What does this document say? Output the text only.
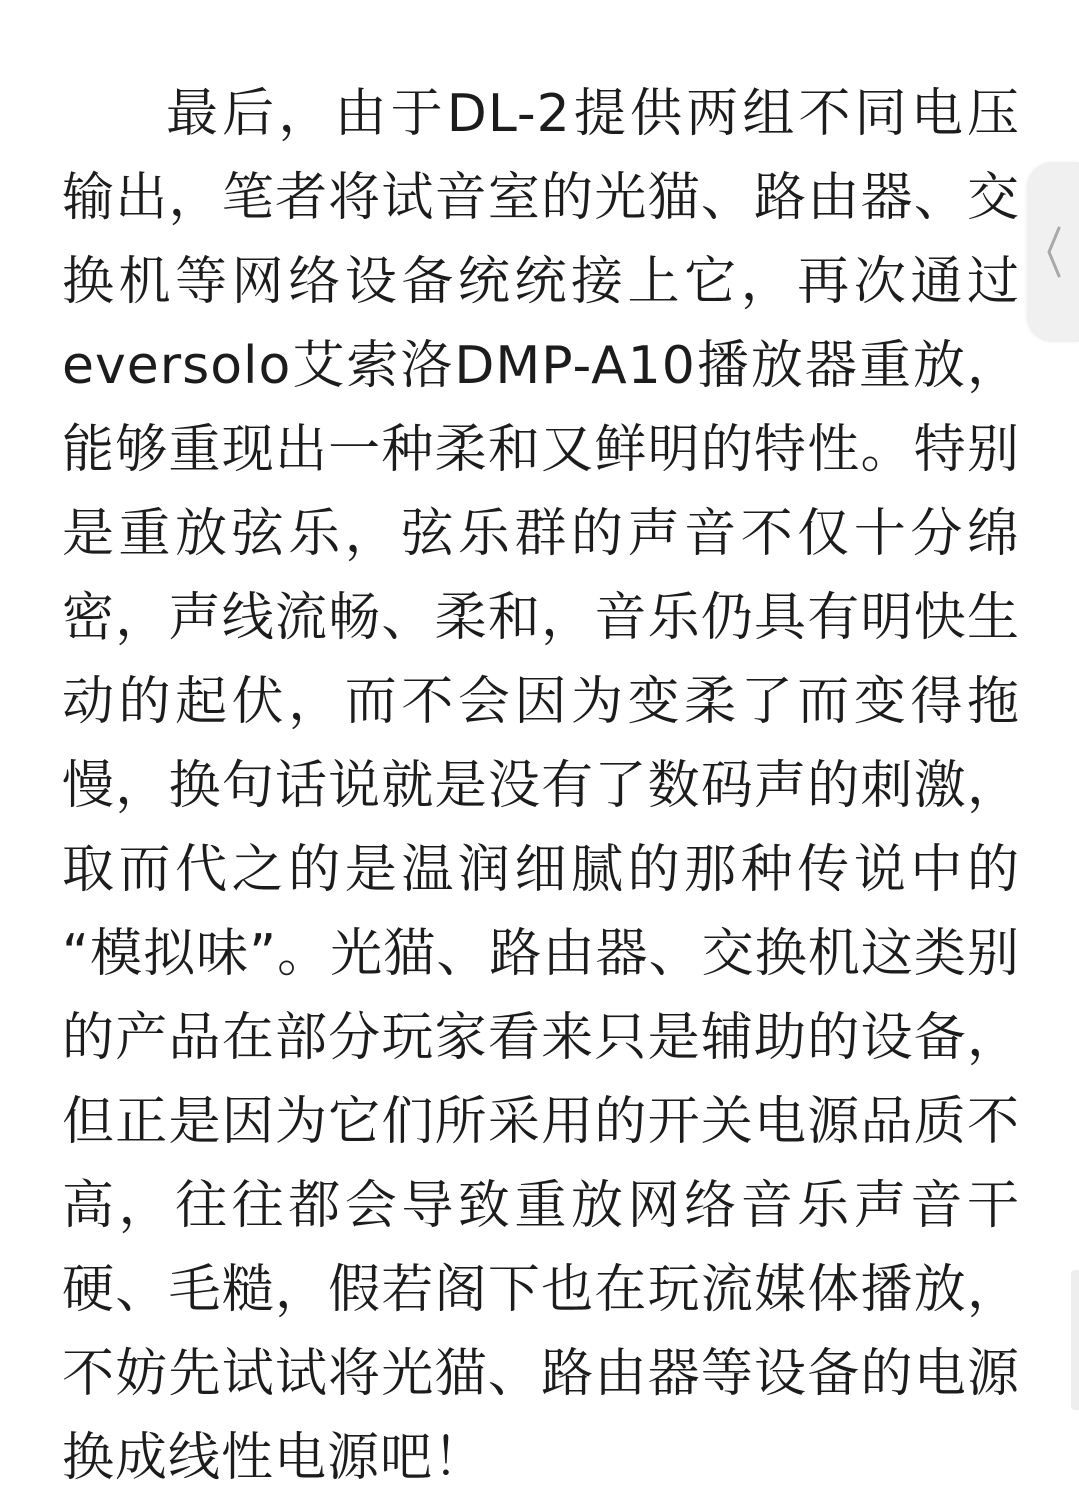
最后，由于DL-2提供两组不同电压
输出，笔者将试音室的光猫、路由器、交
换机等网络设备统统接上它，再次通过
eversolo艾索洛DMP-A10播放器重放，
能够重现出一种柔和又鲜明的特性。特别
是重放弦乐，弦乐群的声音不仅十分绵
密，声线流畅、柔和，音乐仍具有明快生
动的起伏，而不会因为变柔了而变得拖
慢，换句话说就是没有了数码声的刺激，
取而代之的是温润细腻的那种传说中的
“模拟味”。光猫、路由器、交换机这类别
的产品在部分玩家看来只是辅助的设备，
但正是因为它们所采用的开关电源品质不
高，往往都会导致重放网络音乐声音干
硬、毛糙，假若阁下也在玩流媒体播放，
不妨先试试将光猫、路由器等设备的电源
换成线性电源吧！
